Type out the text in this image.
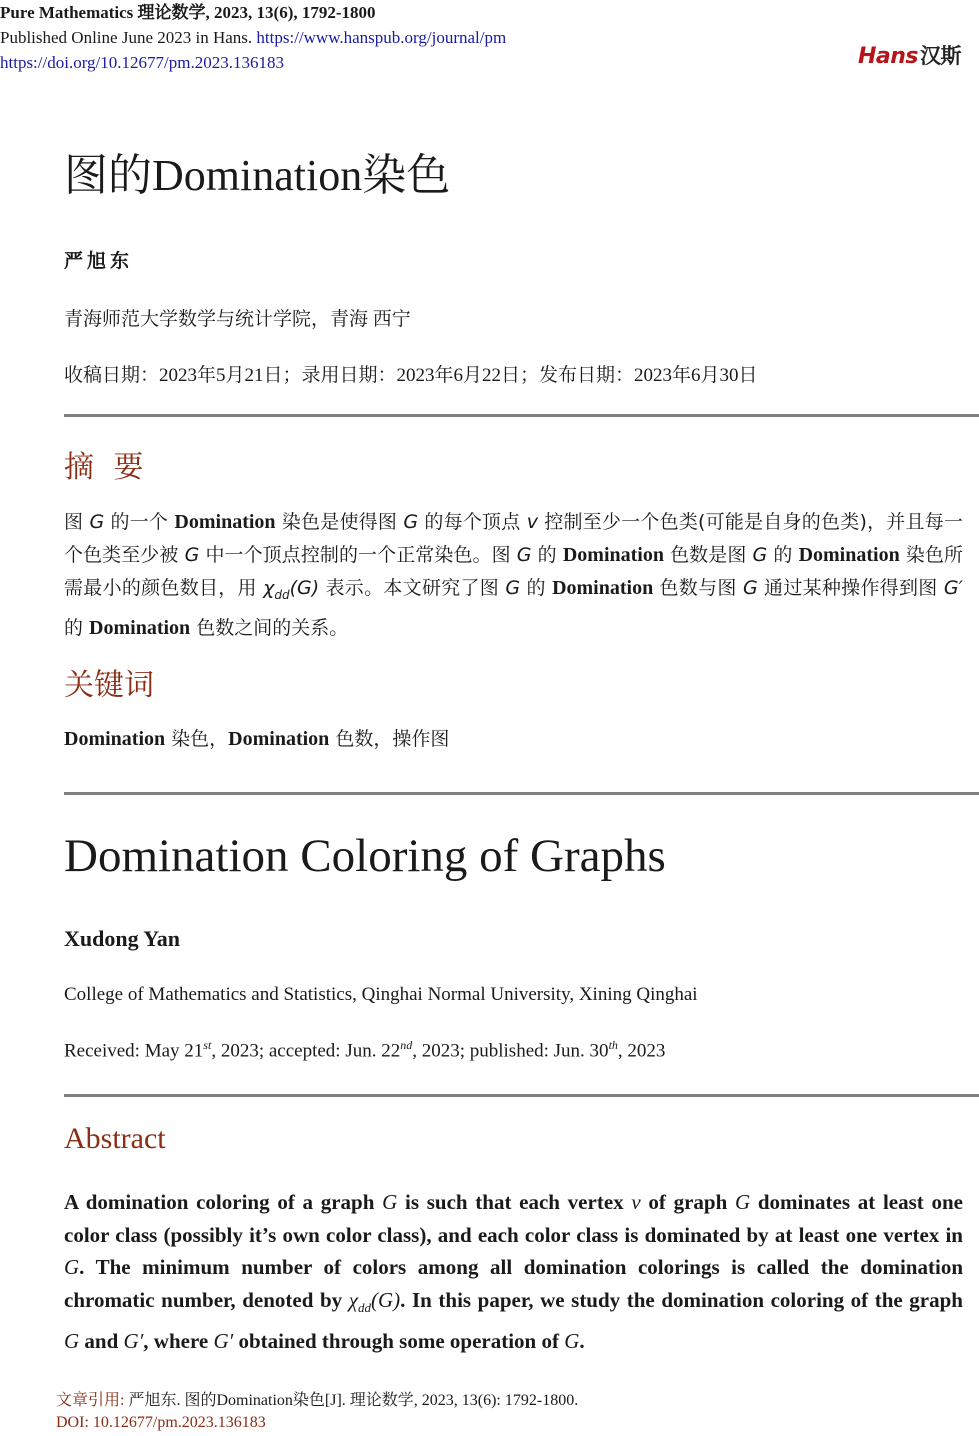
Pure Mathematics 理论数学, 2023, 13(6), 1792-1800
Published Online June 2023 in Hans. https://www.hanspub.org/journal/pm
https://doi.org/10.12677/pm.2023.136183	Hans汉斯
图的Domination染色
严旭东
青海师范大学数学与统计学院，青海 西宁
收稿日期：2023年5月21日；录用日期：2023年6月22日；发布日期：2023年6月30日
摘 要
图 G 的一个 Domination 染色是使得图 G 的每个顶点 v 控制至少一个色类(可能是自身的色类)，并且每一个色类至少被 G 中一个顶点控制的一个正常染色。图 G 的 Domination 色数是图 G 的 Domination 染色所需最小的颜色数目，用 $\chi_{dd}(G)$ 表示。本文研究了图 G 的 Domination 色数与图 G 通过某种操作得到图 G′ 的 Domination 色数之间的关系。
关键词
Domination 染色，Domination 色数，操作图
Domination Coloring of Graphs
Xudong Yan
College of Mathematics and Statistics, Qinghai Normal University, Xining Qinghai
Received: May 21st, 2023; accepted: Jun. 22nd, 2023; published: Jun. 30th, 2023
Abstract
A domination coloring of a graph G is such that each vertex v of graph G dominates at least one color class (possibly it’s own color class), and each color class is dominated by at least one vertex in G. The minimum number of colors among all domination colorings is called the domination chromatic number, denoted by $\chi_{dd}(G)$. In this paper, we study the domination coloring of the graph G and G′, where G′ obtained through some operation of G.
文章引用: 严旭东. 图的Domination染色[J]. 理论数学, 2023, 13(6): 1792-1800.
DOI: 10.12677/pm.2023.136183
